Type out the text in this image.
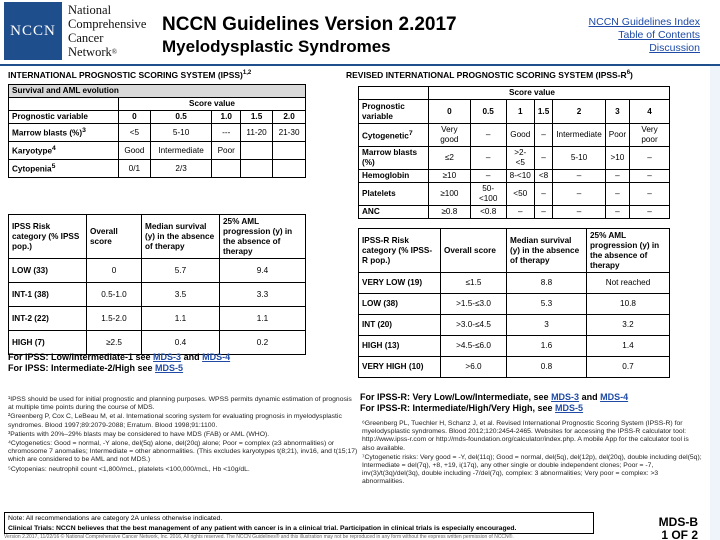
NCCN
National
Comprehensive
Cancer
Network®
NCCN Guidelines Version 2.2017
Myelodysplastic Syndromes
NCCN Guidelines Index
Table of Contents
Discussion
INTERNATIONAL PROGNOSTIC SCORING SYSTEM (IPSS)$^{1,2}$
Survival and AML evolution					
	Score value				
Prognostic variable	0	0.5	1.0	1.5	2.0
Marrow blasts (%)$^3$	<5	5-10	---	11-20	21-30
Karyotype$^4$	Good	Intermediate	Poor		
Cytopenia$^5$	0/1	2/3			
IPSS Risk category (% IPSS pop.)	Overall score	Median survival (y) in the absence of therapy	25% AML progression (y) in the absence of therapy
LOW (33)	0	5.7	9.4
INT-1 (38)	0.5-1.0	3.5	3.3
INT-2 (22)	1.5-2.0	1.1	1.1
HIGH (7)	≥2.5	0.4	0.2
For IPSS: Low/Intermediate-1 see MDS-3 and MDS-4
For IPSS: Intermediate-2/High see MDS-5

¹IPSS should be used for initial prognostic and planning purposes. WPSS permits dynamic estimation of prognosis at multiple time points during the course of MDS.

²Greenberg P, Cox C, LeBeau M, et al. International scoring system for evaluating prognosis in myelodysplastic syndromes. Blood 1997;89:2079-2088; Erratum. Blood 1998;91:1100.

³Patients with 20%–29% blasts may be considered to have MDS (FAB) or AML (WHO).

⁴Cytogenetics: Good = normal, -Y alone, del(5q) alone, del(20q) alone; Poor = complex (≥3 abnormalities) or chromosome 7 anomalies; Intermediate = other abnormalities. (This excludes karyotypes t(8;21), inv16, and t(15;17) which are considered to be AML and not MDS.)

⁵Cytopenias: neutrophil count <1,800/mcL, platelets <100,000/mcL, Hb <10g/dL.

REVISED INTERNATIONAL PROGNOSTIC SCORING SYSTEM $(IPSS-R^6)$
	Score value						
Prognostic variable	0	0.5	1	1.5	2	3	4
Cytogenetic$^7$	Very good	–	Good	–	Intermediate	Poor	Very poor
Marrow blasts (%)	≤2	–	>2-<5	–	5-10	>10	–
Hemoglobin	≥10	–	8-<10	<8	–	–	–
Platelets	≥100	50-<100	<50	–	–	–	–
ANC	≥0.8	<0.8	–	–	–	–	–
IPSS-R Risk category (% IPSS-R pop.)	Overall score	Median survival (y) in the absence of therapy	25% AML progression (y) in the absence of therapy
VERY LOW (19)	≤1.5	8.8	Not reached
LOW (38)	>1.5-≤3.0	5.3	10.8
INT (20)	>3.0-≤4.5	3	3.2
HIGH (13)	>4.5-≤6.0	1.6	1.4
VERY HIGH (10)	>6.0	0.8	0.7
For IPSS-R: Very Low/Low/Intermediate, see MDS-3 and MDS-4
For IPSS-R: Intermediate/High/Very High, see MDS-5

⁶Greenberg PL, Tuechler H, Schanz J, et al. Revised International Prognostic Scoring System (IPSS-R) for myelodysplastic syndromes. Blood 2012;120:2454-2465. Websites for accessing the IPSS-R calculator tool: http://www.ipss-r.com or http://mds-foundation.org/calculator/index.php. A mobile App for the calculator tool is also available.

⁷Cytogenetic risks: Very good = -Y, del(11q); Good = normal, del(5q), del(12p), del(20q), double including del(5q); Intermediate = del(7q), +8, +19, i(17q), any other single or double independent clones; Poor = -7, inv(3)/t(3q)/del(3q), double including -7/del(7q), complex: 3 abnormalities; Very poor = complex: >3 abnormalities.

Note: All recommendations are category 2A unless otherwise indicated.
Clinical Trials: NCCN believes that the best management of any patient with cancer is in a clinical trial. Participation in clinical trials is especially encouraged.
Version 2.2017, 11/22/16 © National Comprehensive Cancer Network, Inc. 2016, All rights reserved. The NCCN Guidelines® and this illustration may not be reproduced in any form without the express written permission of NCCN®.
MDS-B
1 OF 2
